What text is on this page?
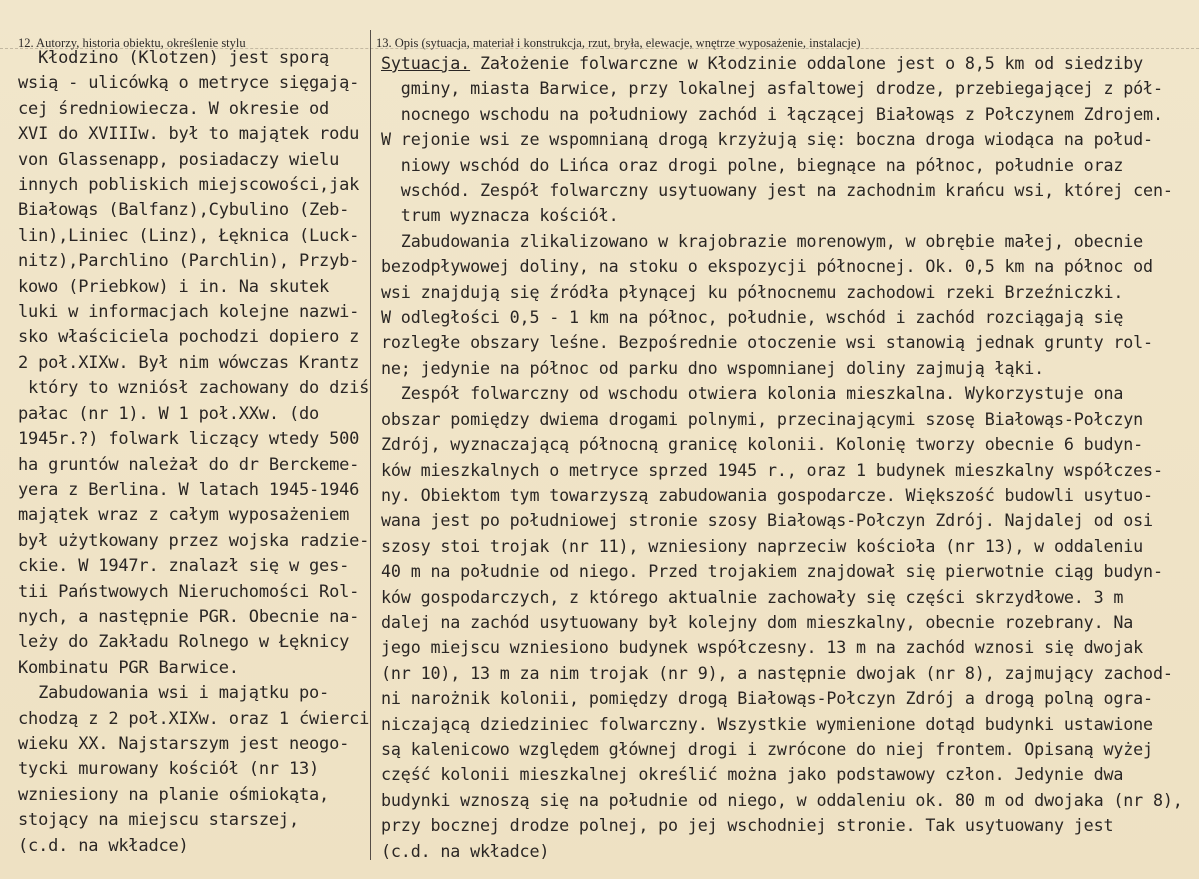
12. Autorzy, historia obiektu, określenie stylu	13. Opis (sytuacja, materiał i konstrukcja, rzut, bryła, elewacje, wnętrze wyposażenie, instalacje)
Kłodzino (Klotzen) jest sporą
wsią - ulicówką o metryce sięgają-
cej średniowiecza. W okresie od
XVI do XVIIIw. był to majątek rodu
von Glassenapp, posiadaczy wielu
innych pobliskich miejscowości,jak
Białowąs (Balfanz),Cybulino (Zeb-
lin),Liniec (Linz), Łęknica (Luck-
nitz),Parchlino (Parchlin), Przyb-
kowo (Priebkow) i in. Na skutek
luki w informacjach kolejne nazwi-
sko właściciela pochodzi dopiero z
2 poł.XIXw. Był nim wówczas Krantz
który to wzniósł zachowany do dziś
pałac (nr 1). W 1 poł.XXw. (do
1945r.?) folwark liczący wtedy 500
ha gruntów należał do dr Berckeme-
yera z Berlina. W latach 1945-1946
majątek wraz z całym wyposażeniem
był użytkowany przez wojska radzie-
ckie. W 1947r. znalazł się w ges-
tii Państwowych Nieruchomości Rol-
nych, a następnie PGR. Obecnie na-
leży do Zakładu Rolnego w Łęknicy
Kombinatu PGR Barwice.
Zabudowania wsi i majątku po-
chodzą z 2 poł.XIXw. oraz 1 ćwierci
wieku XX. Najstarszym jest neogo-
tycki murowany kościół (nr 13)
wzniesiony na planie ośmiokąta,
stojący na miejscu starszej,
(c.d. na wkładce)
Sytuacja. Założenie folwarczne w Kłodzinie oddalone jest o 8,5 km od siedziby
gminy, miasta Barwice, przy lokalnej asfaltowej drodze, przebiegającej z pół-
nocnego wschodu na południowy zachód i łączącej Białowąs z Połczynem Zdrojem.
W rejonie wsi ze wspomnianą drogą krzyżują się: boczna droga wiodąca na połud-
niowy wschód do Lińca oraz drogi polne, biegnące na północ, południe oraz
wschód. Zespół folwarczny usytuowany jest na zachodnim krańcu wsi, której cen-
trum wyznacza kościół.
Zabudowania zlikalizowano w krajobrazie morenowym, w obrębie małej, obecnie
bezodpływowej doliny, na stoku o ekspozycji północnej. Ok. 0,5 km na północ od
wsi znajdują się źródła płynącej ku północnemu zachodowi rzeki Brzeźniczki.
W odległości 0,5 - 1 km na północ, południe, wschód i zachód rozciągają się
rozległe obszary leśne. Bezpośrednie otoczenie wsi stanowią jednak grunty rol-
ne; jedynie na północ od parku dno wspomnianej doliny zajmują łąki.
Zespół folwarczny od wschodu otwiera kolonia mieszkalna. Wykorzystuje ona
obszar pomiędzy dwiema drogami polnymi, przecinającymi szosę Białowąs-Połczyn
Zdrój, wyznaczającą północną granicę kolonii. Kolonię tworzy obecnie 6 budyn-
ków mieszkalnych o metryce sprzed 1945 r., oraz 1 budynek mieszkalny współczes-
ny. Obiektom tym towarzyszą zabudowania gospodarcze. Większość budowli usytuo-
wana jest po południowej stronie szosy Białowąs-Połczyn Zdrój. Najdalej od osi
szosy stoi trojak (nr 11), wzniesiony naprzeciw kościoła (nr 13), w oddaleniu
40 m na południe od niego. Przed trojakiem znajdował się pierwotnie ciąg budyn-
ków gospodarczych, z którego aktualnie zachowały się części skrzydłowe. 3 m
dalej na zachód usytuowany był kolejny dom mieszkalny, obecnie rozebrany. Na
jego miejscu wzniesiono budynek współczesny. 13 m na zachód wznosi się dwojak
(nr 10), 13 m za nim trojak (nr 9), a następnie dwojak (nr 8), zajmujący zachod-
ni narożnik kolonii, pomiędzy drogą Białowąs-Połczyn Zdrój a drogą polną ogra-
niczającą dziedziniec folwarczny. Wszystkie wymienione dotąd budynki ustawione
są kalenicowo względem głównej drogi i zwrócone do niej frontem. Opisaną wyżej
część kolonii mieszkalnej określić można jako podstawowy człon. Jedynie dwa
budynki wznoszą się na południe od niego, w oddaleniu ok. 80 m od dwojaka (nr 8),
przy bocznej drodze polnej, po jej wschodniej stronie. Tak usytuowany jest
(c.d. na wkładce)
